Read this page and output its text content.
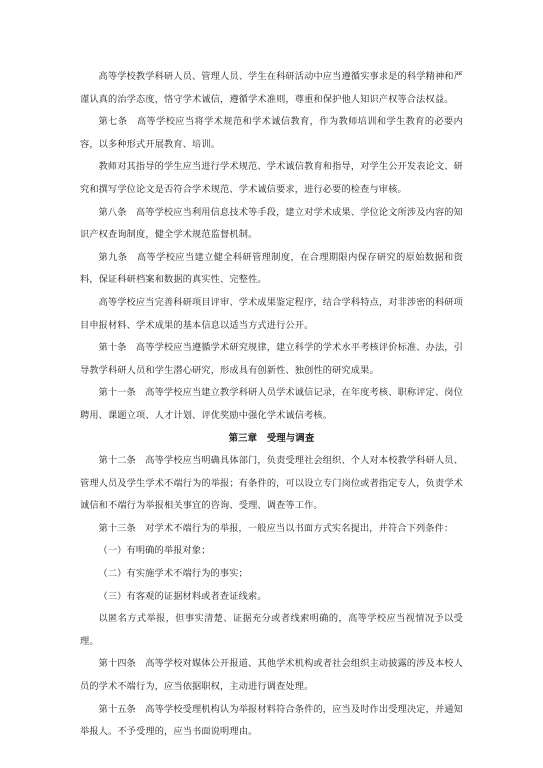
高等学校教学科研人员、管理人员、学生在科研活动中应当遵循实事求是的科学精神和严谨认真的治学态度，恪守学术诚信，遵循学术准则，尊重和保护他人知识产权等合法权益。

第七条　高等学校应当将学术规范和学术诚信教育，作为教师培训和学生教育的必要内容，以多种形式开展教育、培训。

教师对其指导的学生应当进行学术规范、学术诚信教育和指导，对学生公开发表论文、研究和撰写学位论文是否符合学术规范、学术诚信要求，进行必要的检查与审核。

第八条　高等学校应当利用信息技术等手段，建立对学术成果、学位论文所涉及内容的知识产权查询制度，健全学术规范监督机制。

第九条　高等学校应当建立健全科研管理制度，在合理期限内保存研究的原始数据和资料，保证科研档案和数据的真实性、完整性。

高等学校应当完善科研项目评审、学术成果鉴定程序，结合学科特点，对非涉密的科研项目申报材料、学术成果的基本信息以适当方式进行公开。

第十条　高等学校应当遵循学术研究规律，建立科学的学术水平考核评价标准、办法，引导教学科研人员和学生潜心研究，形成具有创新性、独创性的研究成果。

第十一条　高等学校应当建立教学科研人员学术诚信记录，在年度考核、职称评定、岗位聘用、课题立项、人才计划、评优奖励中强化学术诚信考核。

第三章　受理与调查

第十二条　高等学校应当明确具体部门，负责受理社会组织、个人对本校教学科研人员、管理人员及学生学术不端行为的举报；有条件的，可以设立专门岗位或者指定专人，负责学术诚信和不端行为举报相关事宜的咨询、受理、调查等工作。

第十三条　对学术不端行为的举报，一般应当以书面方式实名提出，并符合下列条件：

（一）有明确的举报对象；

（二）有实施学术不端行为的事实；

（三）有客观的证据材料或者查证线索。

以匿名方式举报，但事实清楚、证据充分或者线索明确的，高等学校应当视情况予以受理。

第十四条　高等学校对媒体公开报道、其他学术机构或者社会组织主动披露的涉及本校人员的学术不端行为，应当依据职权，主动进行调查处理。

第十五条　高等学校受理机构认为举报材料符合条件的，应当及时作出受理决定，并通知举报人。不予受理的，应当书面说明理由。
